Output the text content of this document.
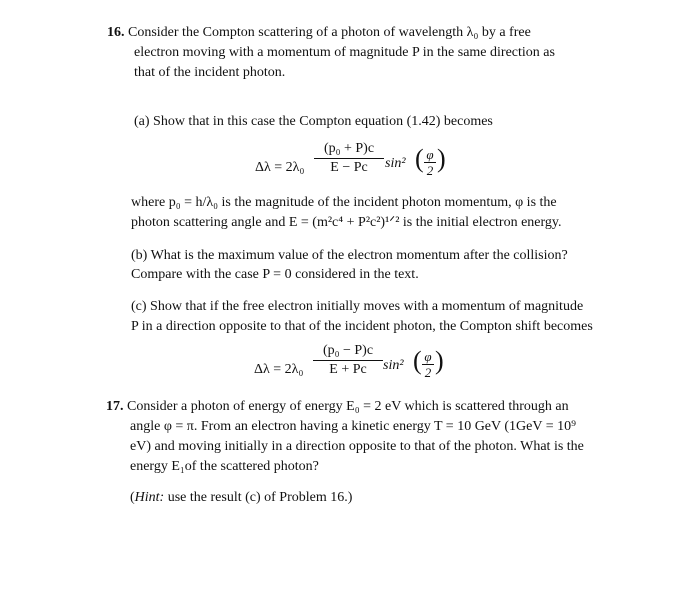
16. Consider the Compton scattering of a photon of wavelength λ₀ by a free
electron moving with a momentum of magnitude P in the same direction as
that of the incident photon.
(a) Show that in this case the Compton equation (1.42) becomes
Δλ = 2λ₀
(p₀ + P)c
E − Pc	sin² ( φ
2 )
where p₀ = h/λ₀ is the magnitude of the incident photon momentum, φ is the
photon scattering angle and E = (m²c⁴ + P²c²)¹ᐟ² is the initial electron energy.
(b) What is the maximum value of the electron momentum after the collision?
Compare with the case P = 0 considered in the text.
(c) Show that if the free electron initially moves with a momentum of magnitude
P in a direction opposite to that of the incident photon, the Compton shift becomes
Δλ = 2λ₀
(p₀ − P)c
E + Pc	sin² ( φ
2 )
17. Consider a photon of energy of energy E₀ = 2 eV which is scattered through an
angle φ = π. From an electron having a kinetic energy T = 10 GeV (1GeV = 10⁹
eV) and moving initially in a direction opposite to that of the photon. What is the
energy E₁of the scattered photon?
(Hint: use the result (c) of Problem 16.)
